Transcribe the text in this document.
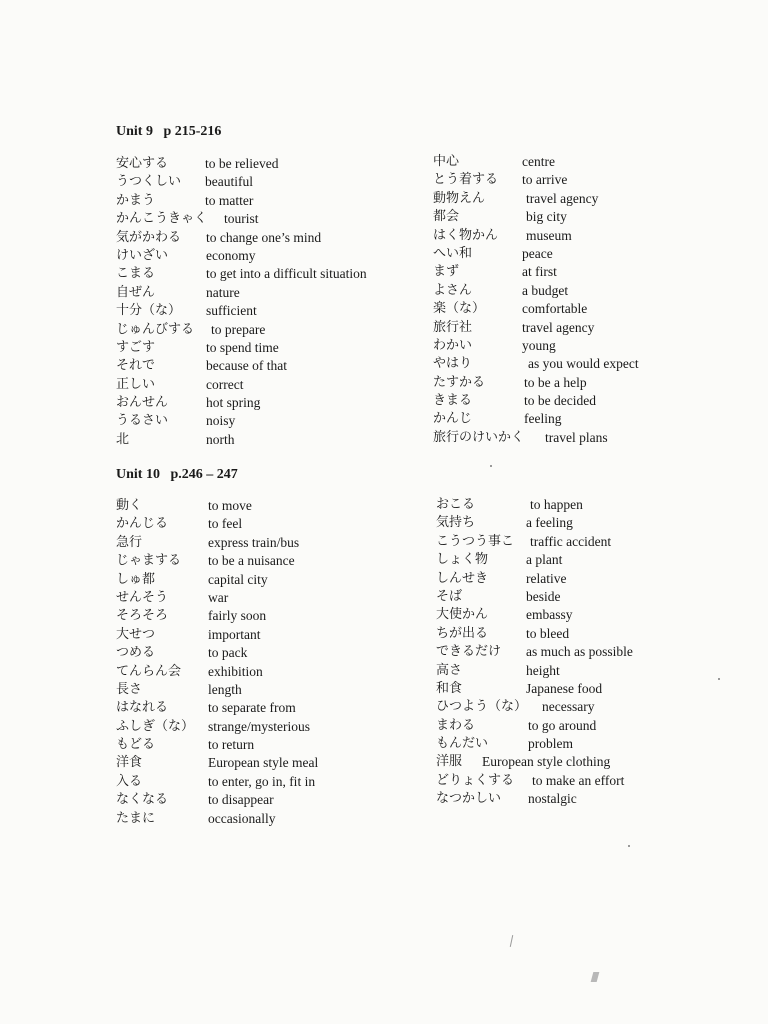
Unit 9   p 215-216
安心する	to be relieved
うつくしい beautiful
かまう	to matter
かんこうきゃく tourist
気がかわる to change one’s mind
けいざい	economy
こまる	to get into a difficult situation
自ぜん	nature
十分（な） sufficient
じゅんびする to prepare
すごす	to spend time
それで	because of that
正しい	correct
おんせん	hot spring
うるさい	noisy
北	north
中心	centre
とう着する to arrive
動物えん	travel agency
都会	big city
はく物かん museum
へい和	peace
まず	at first
よさん	a budget
楽（な）	comfortable
旅行社	travel agency
わかい	young
やはり	as you would expect
たすかる	to be a help
きまる	to be decided
かんじ	feeling
旅行のけいかく travel plans
Unit 10   p.246 – 247
動く	to move
かんじる	to feel
急行	express train/bus
じゃまする to be a nuisance
しゅ都	capital city
せんそう	war
そろそろ	fairly soon
大せつ	important
つめる	to pack
てんらん会 exhibition
長さ	length
はなれる	to separate from
ふしぎ（な） strange/mysterious
もどる	to return
洋食	European style meal
入る	to enter, go in, fit in
なくなる	to disappear
たまに	occasionally
おこる	to happen
気持ち	a feeling
こうつう事こ traffic accident
しょく物	a plant
しんせき	relative
そば	beside
大使かん	embassy
ちが出る	to bleed
できるだけ as much as possible
高さ	height
和食	Japanese food
ひつよう（な） necessary
まわる	to go around
もんだい	problem
洋服 European style clothing
どりょくする to make an effort
なつかしい nostalgic
